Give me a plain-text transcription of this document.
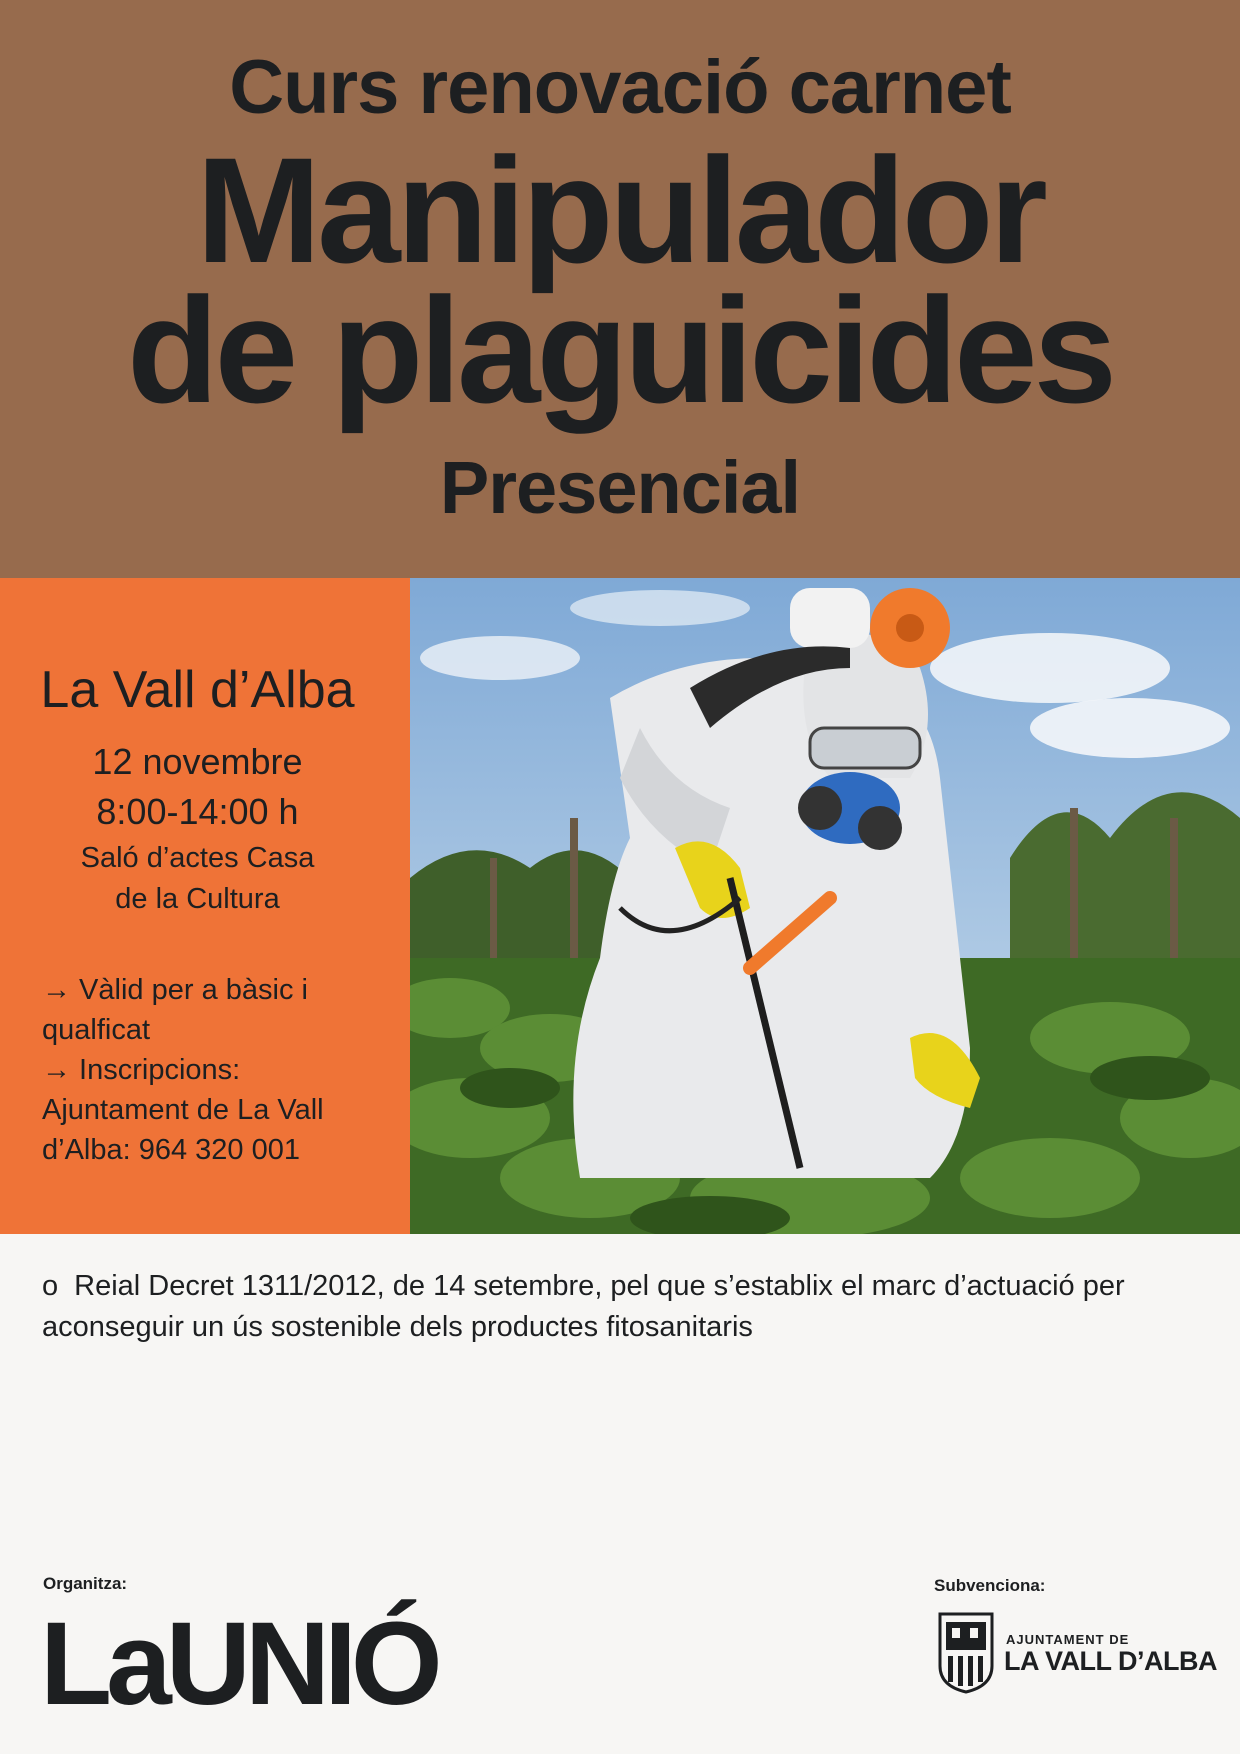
Curs renovació carnet
Manipulador
de plaguicides
Presencial
La Vall d’Alba
12 novembre
8:00-14:00 h
Saló d’actes Casa
de la Cultura
→ Vàlid per a bàsic i qualficat
→ Inscripcions: Ajuntament de La Vall d’Alba: 964 320 001
o Reial Decret 1311/2012, de 14 setembre, pel que s’establix el marc d’actuació per aconseguir un ús sostenible dels productes fitosanitaris
Organitza:
LaUNIÓ
Subvenciona:
AJUNTAMENT DE
LA VALL D’ALBA
